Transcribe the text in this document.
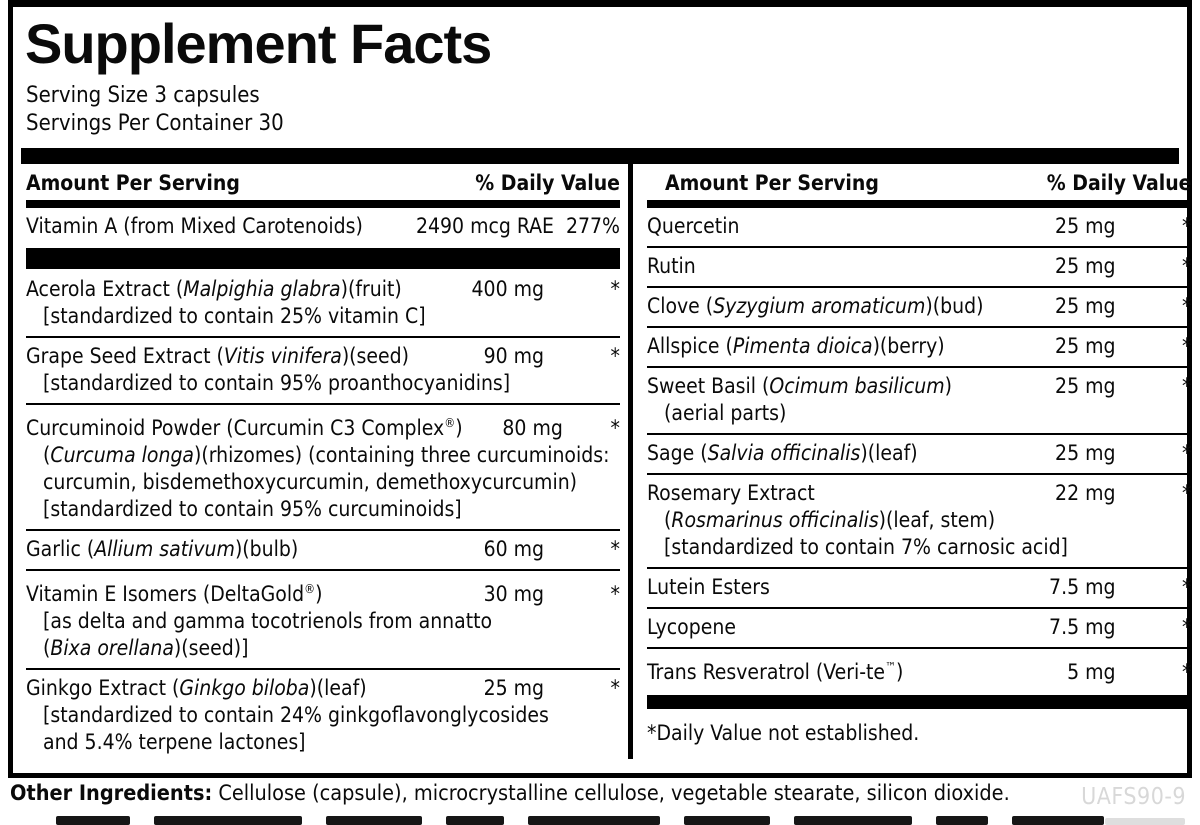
Supplement Facts
Serving Size 3 capsules
Servings Per Container 30
Amount Per Serving	% Daily Value
Vitamin A (from Mixed Carotenoids)	2490 mcg RAE 277%
Acerola Extract (Malpighia glabra)(fruit)	400 mg	*
[standardized to contain 25% vitamin C]
Grape Seed Extract (Vitis vinifera)(seed)	90 mg	*
[standardized to contain 95% proanthocyanidins]
Curcuminoid Powder (Curcumin C3 Complex®)	80 mg	*
(Curcuma longa)(rhizomes) (containing three curcuminoids:
curcumin, bisdemethoxycurcumin, demethoxycurcumin)
[standardized to contain 95% curcuminoids]
Garlic (Allium sativum)(bulb)	60 mg	*
Vitamin E Isomers (DeltaGold®)	30 mg	*
[as delta and gamma tocotrienols from annatto
(Bixa orellana)(seed)]
Ginkgo Extract (Ginkgo biloba)(leaf)	25 mg	*
[standardized to contain 24% ginkgoflavonglycosides
and 5.4% terpene lactones]
Amount Per Serving	% Daily Value
Quercetin	25 mg	*
Rutin	25 mg	*
Clove (Syzygium aromaticum)(bud)	25 mg	*
Allspice (Pimenta dioica)(berry)	25 mg	*
Sweet Basil (Ocimum basilicum)	25 mg	*
(aerial parts)
Sage (Salvia officinalis)(leaf)	25 mg	*
Rosemary Extract	22 mg	*
(Rosmarinus officinalis)(leaf, stem)
[standardized to contain 7% carnosic acid]
Lutein Esters	7.5 mg	*
Lycopene	7.5 mg	*
Trans Resveratrol (Veri-te™)	5 mg	*
*Daily Value not established.
Other Ingredients: Cellulose (capsule), microcrystalline cellulose, vegetable stearate, silicon dioxide.	UAFS90-9
